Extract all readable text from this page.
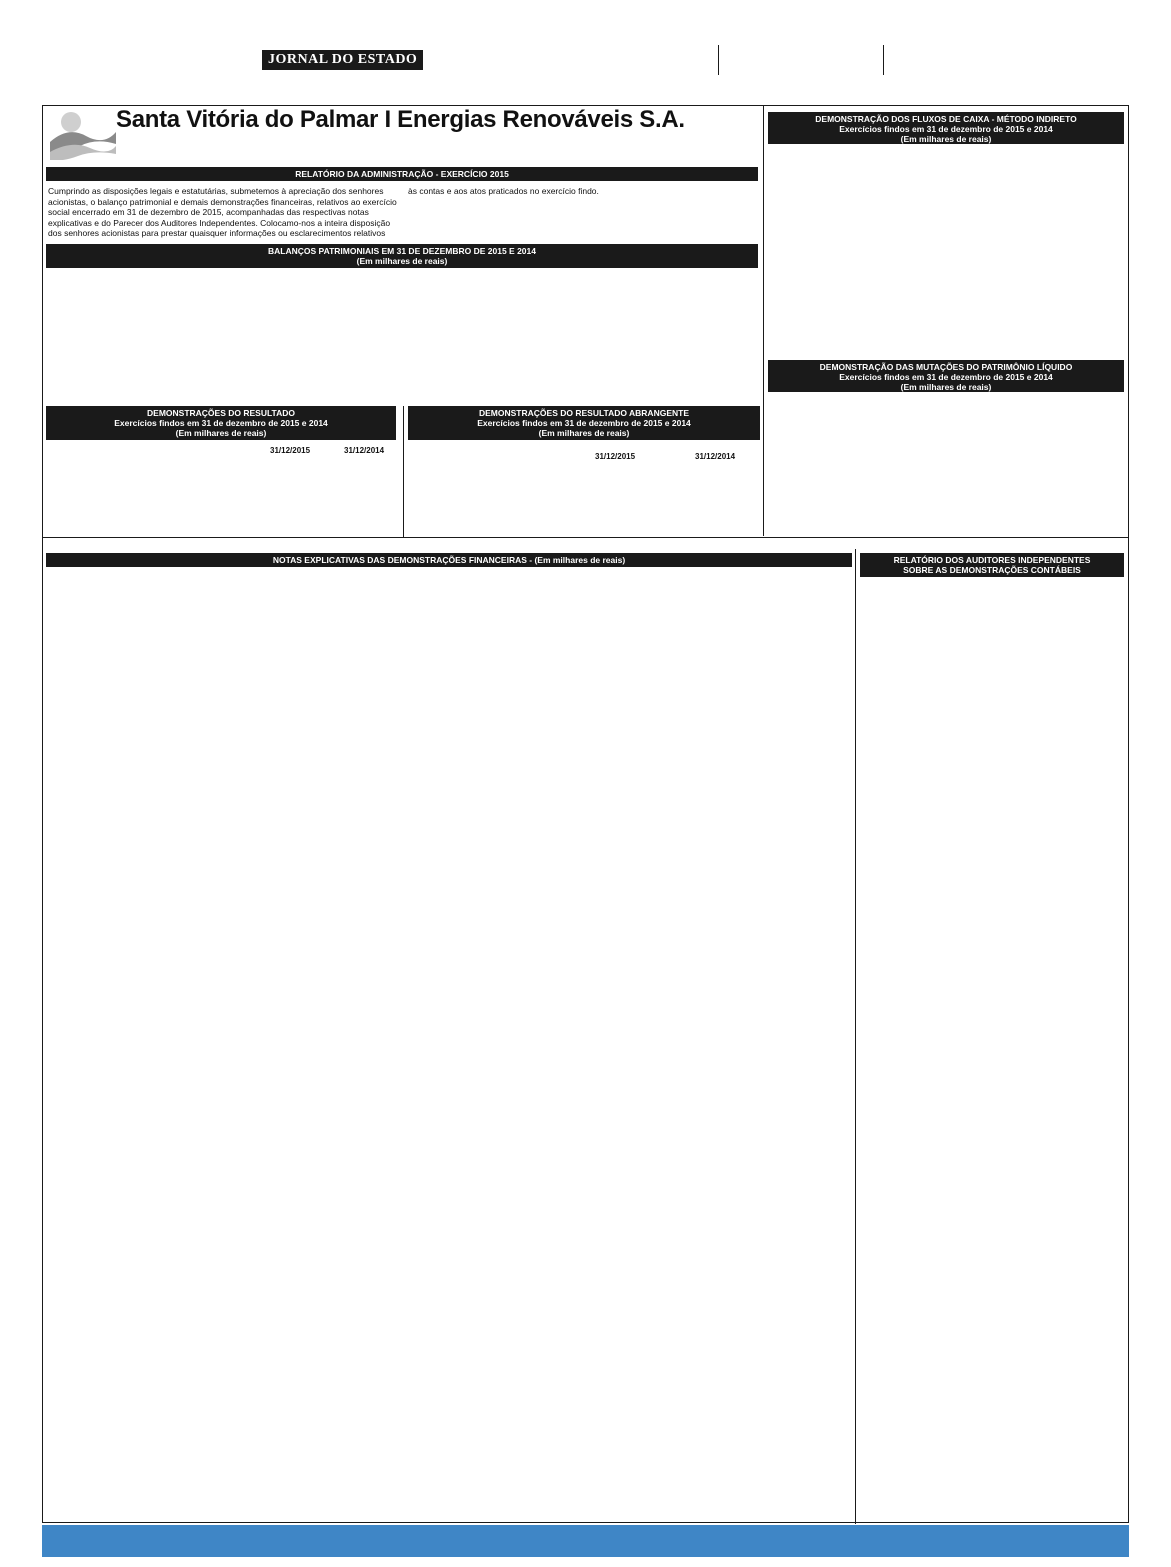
JORNAL DO ESTADO
Santa Vitória do Palmar I Energias Renováveis S.A.
RELATÓRIO DA ADMINISTRAÇÃO - EXERCÍCIO 2015
Cumprindo as disposições legais e estatutárias, submetemos à apreciação dos senhores acionistas, o balanço patrimonial e demais demonstrações financeiras, relativos ao exercício social encerrado em 31 de dezembro de 2015, acompanhadas das respectivas notas explicativas e do Parecer dos Auditores Independentes. Colocamo-nos a inteira disposição dos senhores acionistas para prestar quaisquer informações ou esclarecimentos relativos
às contas e aos atos praticados no exercício findo.
BALANÇOS PATRIMONIAIS EM 31 DE DEZEMBRO DE 2015 E 2014
(Em milhares de reais)
DEMONSTRAÇÕES DO RESULTADO
Exercícios findos em 31 de dezembro de 2015 e 2014
(Em milhares de reais)
31/12/2015	31/12/2014
DEMONSTRAÇÕES DO RESULTADO ABRANGENTE
Exercícios findos em 31 de dezembro de 2015 e 2014
(Em milhares de reais)
31/12/2015	31/12/2014
DEMONSTRAÇÃO DOS FLUXOS DE CAIXA - MÉTODO INDIRETO
Exercícios findos em 31 de dezembro de 2015 e 2014
(Em milhares de reais)
DEMONSTRAÇÃO DAS MUTAÇÕES DO PATRIMÔNIO LÍQUIDO
Exercícios findos em 31 de dezembro de 2015 e 2014
(Em milhares de reais)
NOTAS EXPLICATIVAS DAS DEMONSTRAÇÕES FINANCEIRAS - (Em milhares de reais)	RELATÓRIO DOS AUDITORES INDEPENDENTES
SOBRE AS DEMONSTRAÇÕES CONTÁBEIS
